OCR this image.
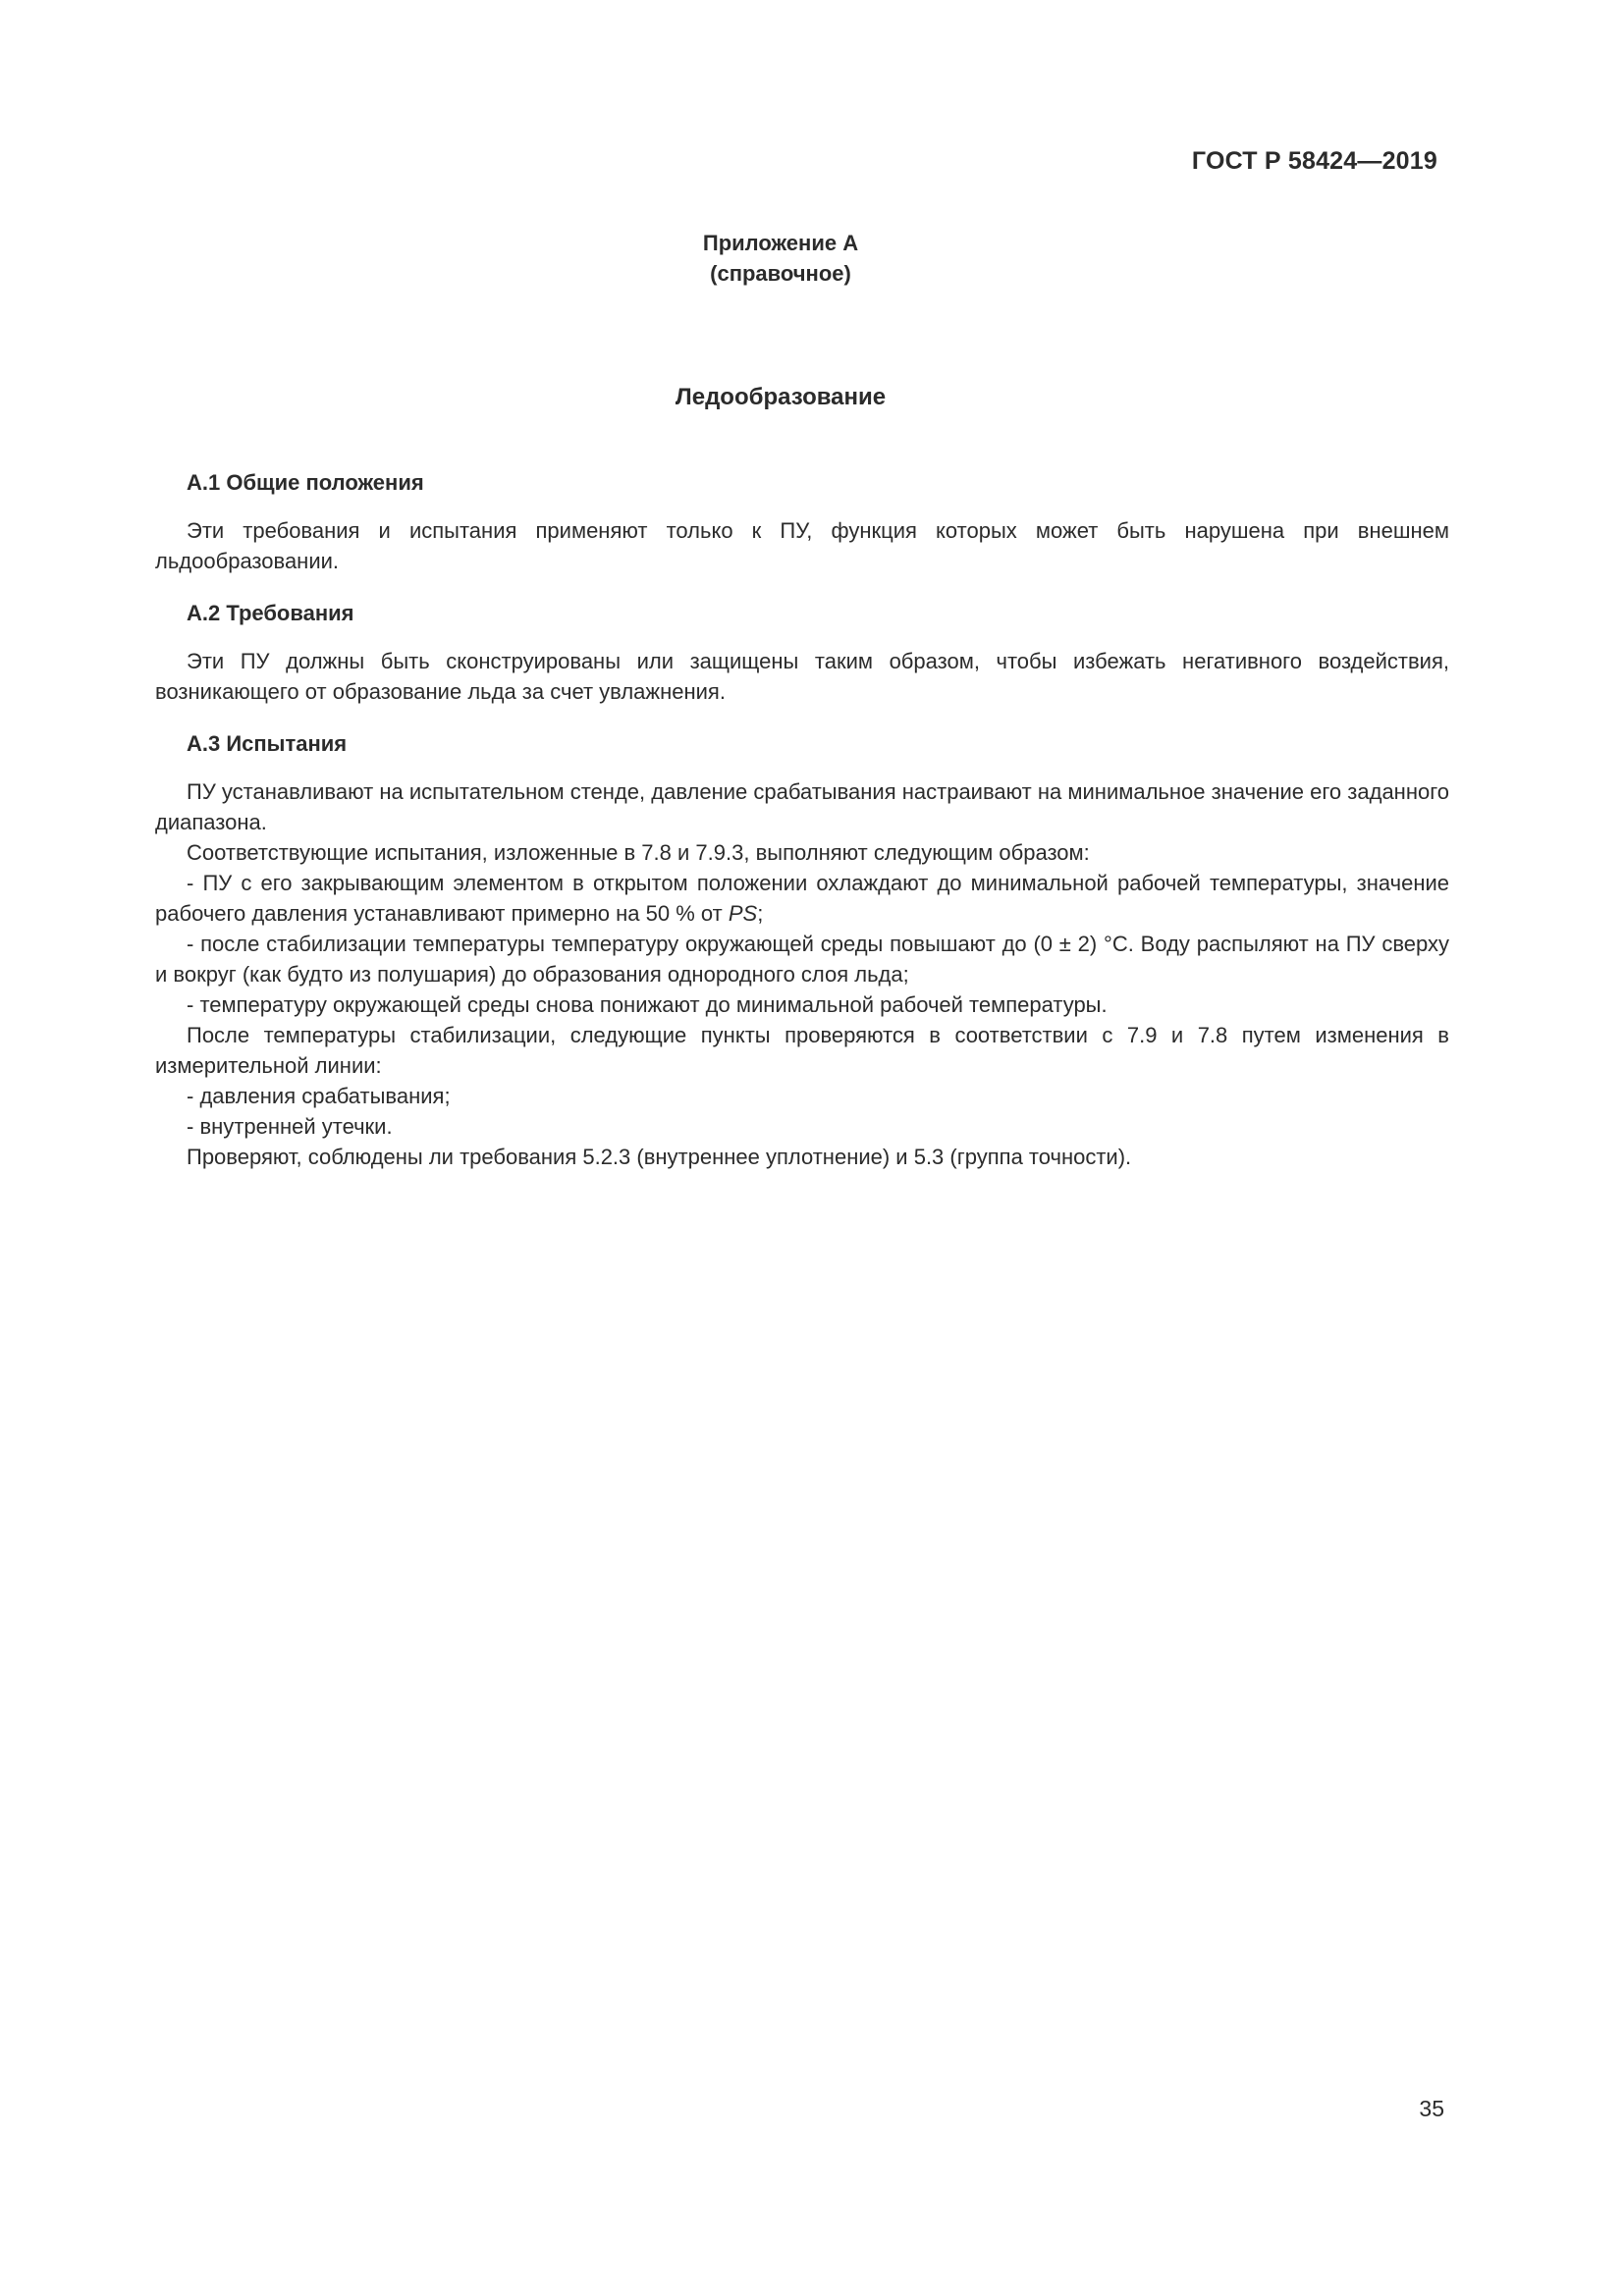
ГОСТ Р 58424—2019
Приложение А
(справочное)
Ледообразование
А.1 Общие положения

Эти требования и испытания применяют только к ПУ, функция которых может быть нарушена при внешнем льдообразовании.

А.2 Требования

Эти ПУ должны быть сконструированы или защищены таким образом, чтобы избежать негативного воздействия, возникающего от образование льда за счет увлажнения.

А.3 Испытания

ПУ устанавливают на испытательном стенде, давление срабатывания настраивают на минимальное значение его заданного диапазона.

Соответствующие испытания, изложенные в 7.8 и 7.9.3, выполняют следующим образом:

- ПУ с его закрывающим элементом в открытом положении охлаждают до минимальной рабочей температуры, значение рабочего давления устанавливают примерно на 50 % от PS;

- после стабилизации температуры температуру окружающей среды повышают до (0 ± 2) °С. Воду распыляют на ПУ сверху и вокруг (как будто из полушария) до образования однородного слоя льда;

- температуру окружающей среды снова понижают до минимальной рабочей температуры.

После температуры стабилизации, следующие пункты проверяются в соответствии с 7.9 и 7.8 путем изменения в измерительной линии:

- давления срабатывания;

- внутренней утечки.

Проверяют, соблюдены ли требования 5.2.3 (внутреннее уплотнение) и 5.3 (группа точности).

35
